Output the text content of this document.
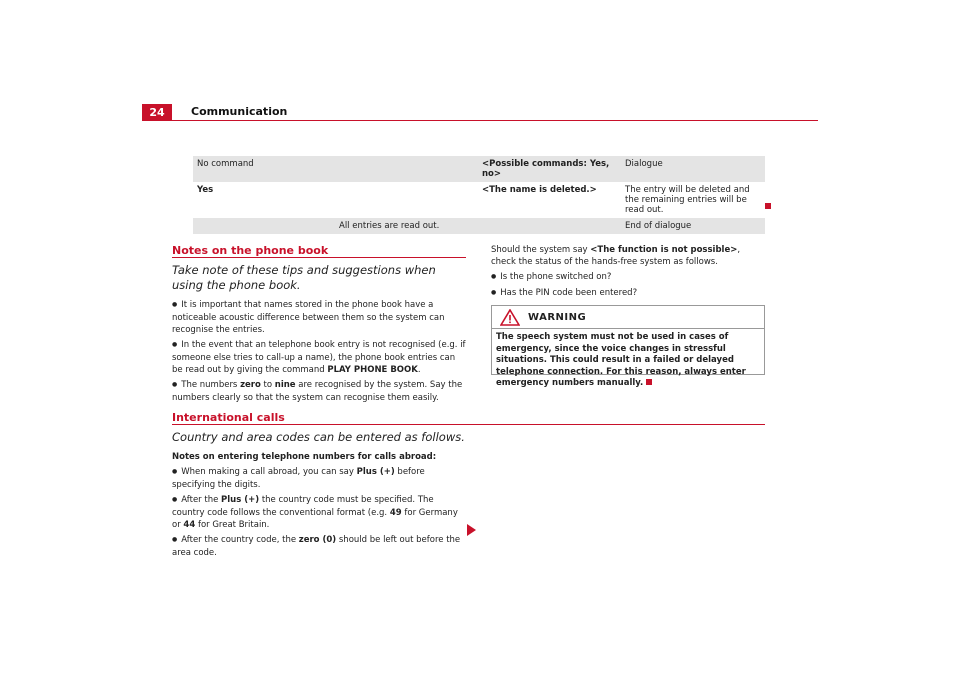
24 Communication
No command		<Possible commands: Yes, no>	Dialogue
Yes		<The name is deleted.>	The entry will be deleted and the remaining entries will be read out.
	All entries are read out.		End of dialogue
Notes on the phone book
Take note of these tips and suggestions when using the phone book.

● It is important that names stored in the phone book have a noticeable acoustic difference between them so the system can recognise the entries.

● In the event that an telephone book entry is not recognised (e.g. if someone else tries to call-up a name), the phone book entries can be read out by giving the command PLAY PHONE BOOK.

● The numbers zero to nine are recognised by the system. Say the numbers clearly so that the system can recognise them easily.

Should the system say <The function is not possible>, check the status of the hands-free system as follows.

● Is the phone switched on?

● Has the PIN code been entered?

WARNING
The speech system must not be used in cases of emergency, since the voice changes in stressful situations. This could result in a failed or delayed telephone connection. For this reason, always enter emergency numbers manually.
International calls
Country and area codes can be entered as follows.

Notes on entering telephone numbers for calls abroad:

● When making a call abroad, you can say Plus (+) before specifying the digits.

● After the Plus (+) the country code must be specified. The country code follows the conventional format (e.g. 49 for Germany or 44 for Great Britain.

● After the country code, the zero (0) should be left out before the area code.
